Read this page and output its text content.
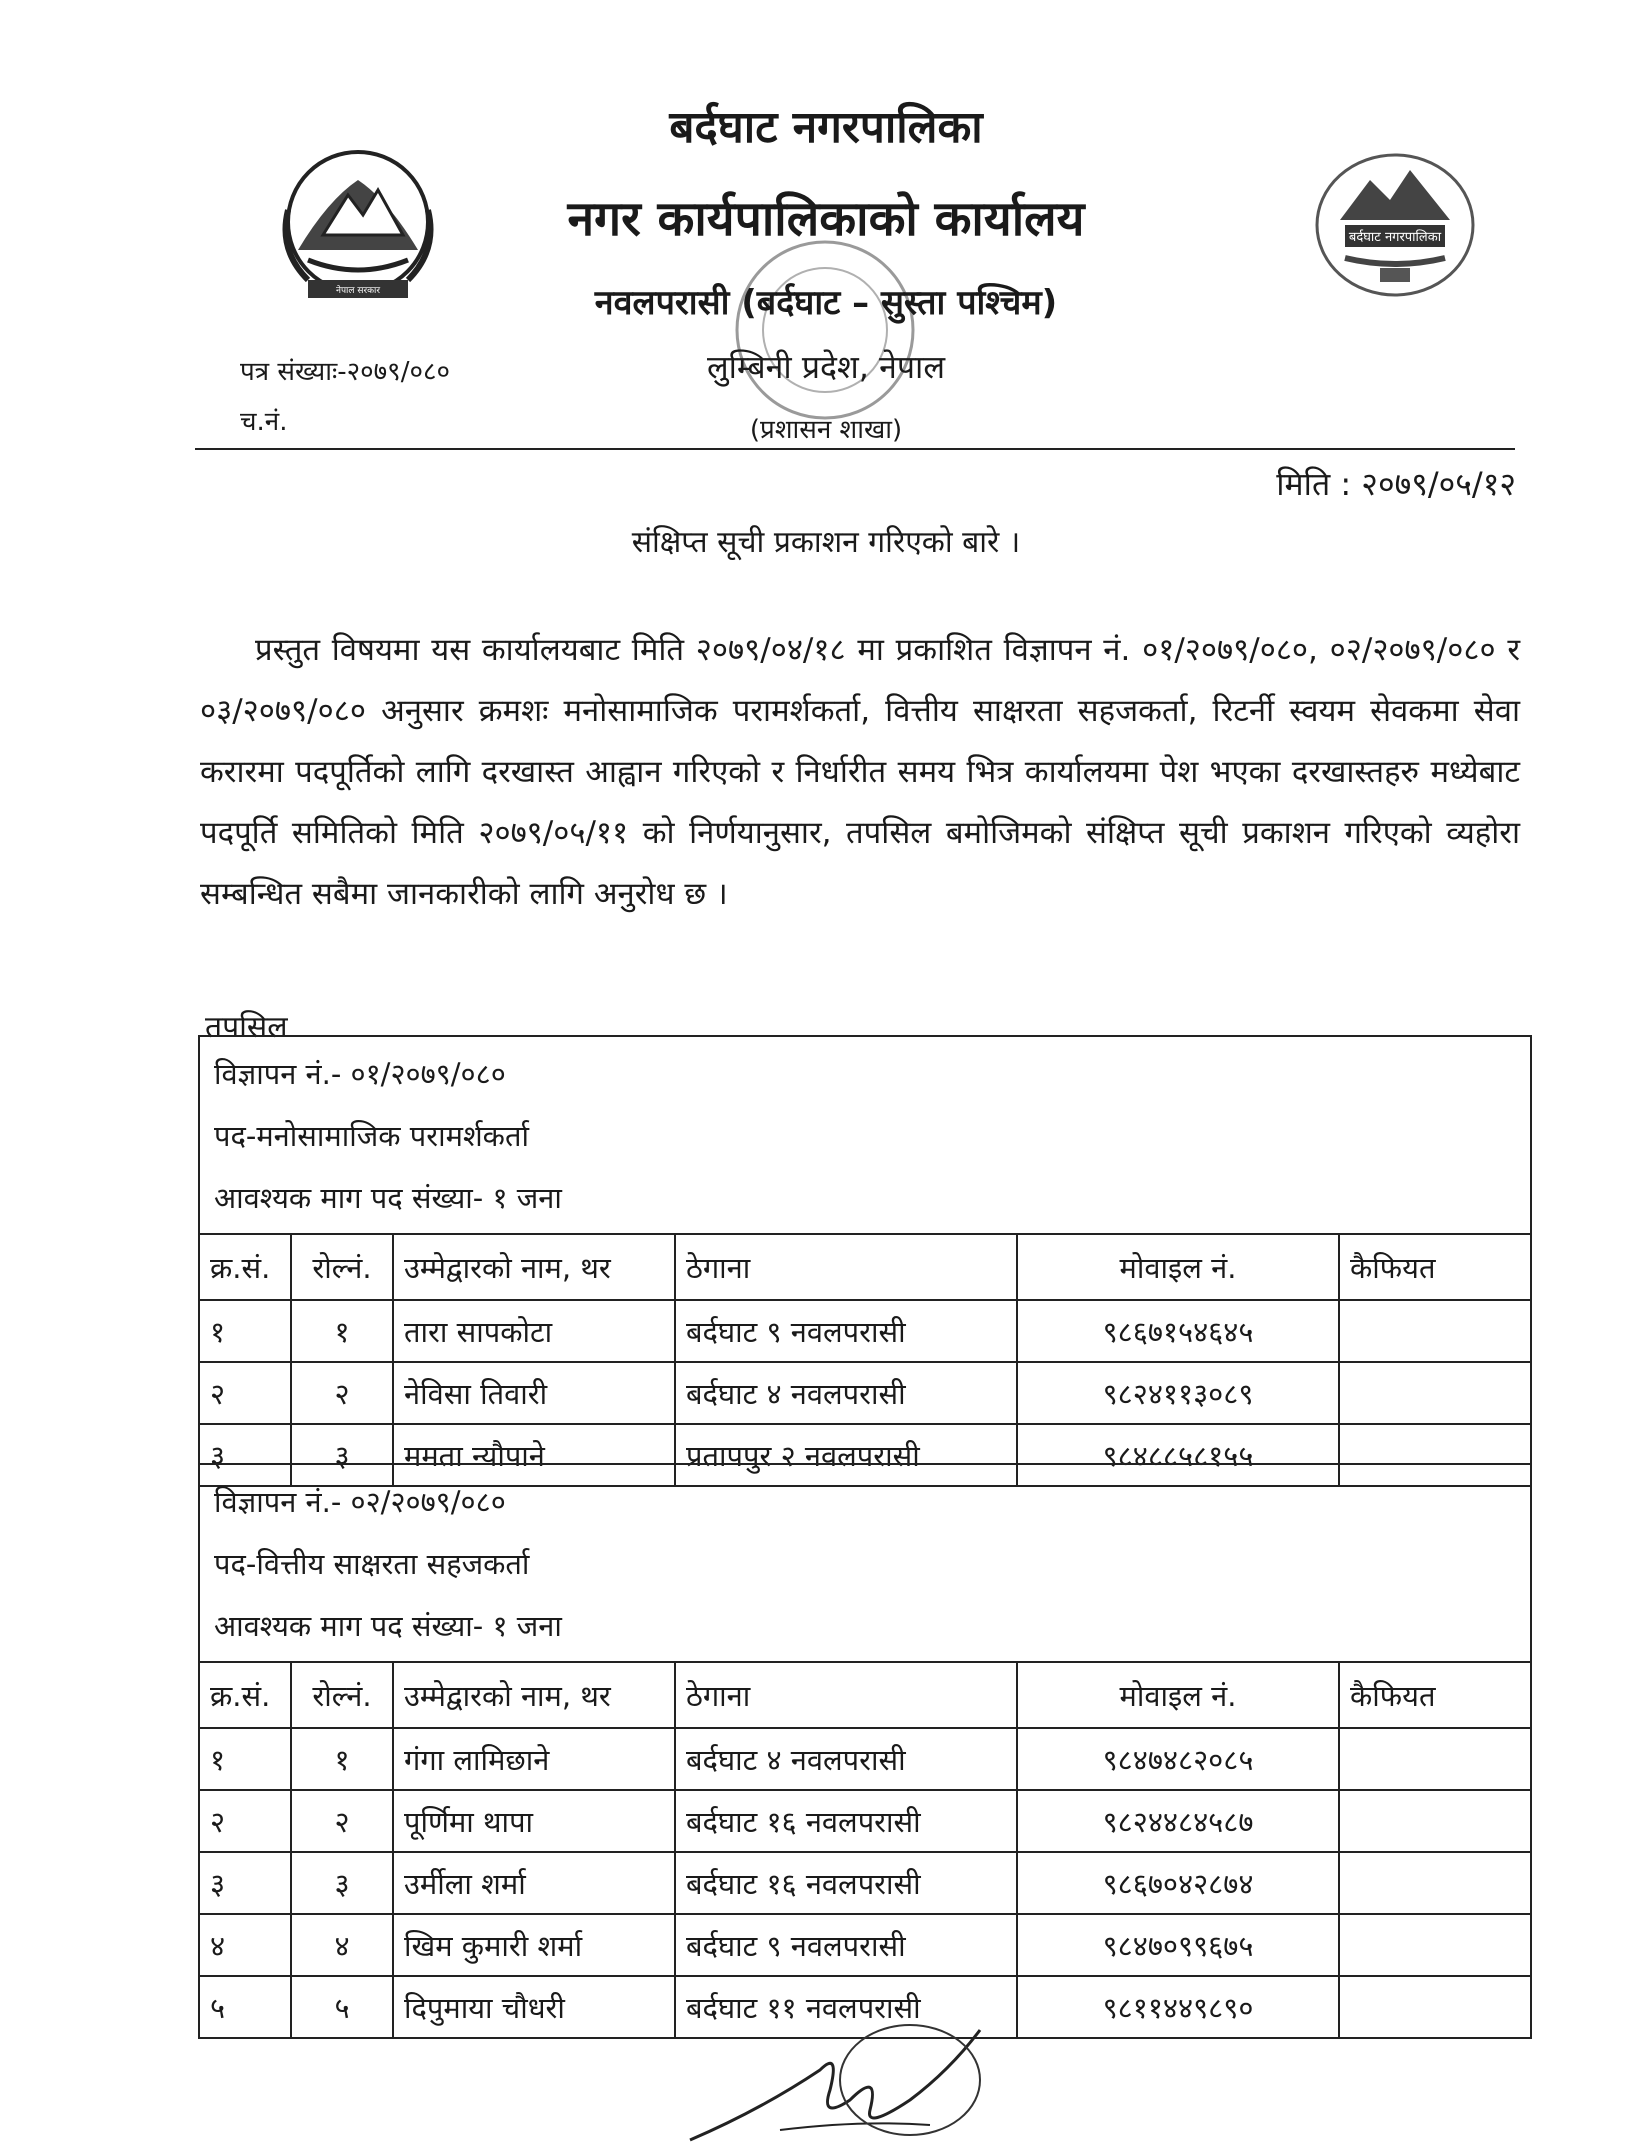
नेपाल सरकार
बर्दघाट नगरपालिका
बर्दघाट नगरपालिका
नगर कार्यपालिकाको कार्यालय
नवलपरासी (बर्दघाट – सुस्ता पश्चिम)
लुम्बिनी प्रदेश, नेपाल
(प्रशासन शाखा)
पत्र संख्याः-२०७९/०८०
च.नं.
मिति : २०७९/०५/१२
संक्षिप्त सूची प्रकाशन गरिएको बारे ।
प्रस्तुत विषयमा यस कार्यालयबाट मिति २०७९/०४/१८ मा प्रकाशित विज्ञापन नं. ०१/२०७९/०८०, ०२/२०७९/०८० र ०३/२०७९/०८० अनुसार क्रमशः मनोसामाजिक परामर्शकर्ता, वित्तीय साक्षरता सहजकर्ता, रिटर्नी स्वयम सेवकमा सेवा करारमा पदपूर्तिको लागि दरखास्त आह्वान गरिएको र निर्धारीत समय भित्र कार्यालयमा पेश भएका दरखास्तहरु मध्येबाट पदपूर्ति समितिको मिति २०७९/०५/११ को निर्णयानुसार, तपसिल बमोजिमको संक्षिप्त सूची प्रकाशन गरिएको व्यहोरा सम्बन्धित सबैमा जानकारीको लागि अनुरोध छ ।
तपसिल
विज्ञापन नं.- ०१/२०७९/०८०
पद-मनोसामाजिक परामर्शकर्ता
आवश्यक माग पद संख्या- १ जना
क्र.सं.	रोल्नं.	उम्मेद्वारको नाम, थर	ठेगाना	मोवाइल नं.	कैफियत
१	१	तारा सापकोटा	बर्दघाट ९ नवलपरासी	९८६७१५४६४५	
२	२	नेविसा तिवारी	बर्दघाट ४ नवलपरासी	९८२४११३०८९	
३	३	ममता न्यौपाने	प्रतापपुर २ नवलपरासी	९८४८८५८१५५	
विज्ञापन नं.- ०२/२०७९/०८०
पद-वित्तीय साक्षरता सहजकर्ता
आवश्यक माग पद संख्या- १ जना
क्र.सं.	रोल्नं.	उम्मेद्वारको नाम, थर	ठेगाना	मोवाइल नं.	कैफियत
१	१	गंगा लामिछाने	बर्दघाट ४ नवलपरासी	९८४७४८२०८५	
२	२	पूर्णिमा थापा	बर्दघाट १६ नवलपरासी	९८२४४८४५८७	
३	३	उर्मीला शर्मा	बर्दघाट १६ नवलपरासी	९८६७०४२८७४	
४	४	खिम कुमारी शर्मा	बर्दघाट ९ नवलपरासी	९८४७०९९६७५	
५	५	दिपुमाया चौधरी	बर्दघाट ११ नवलपरासी	९८११४४९८९०	
